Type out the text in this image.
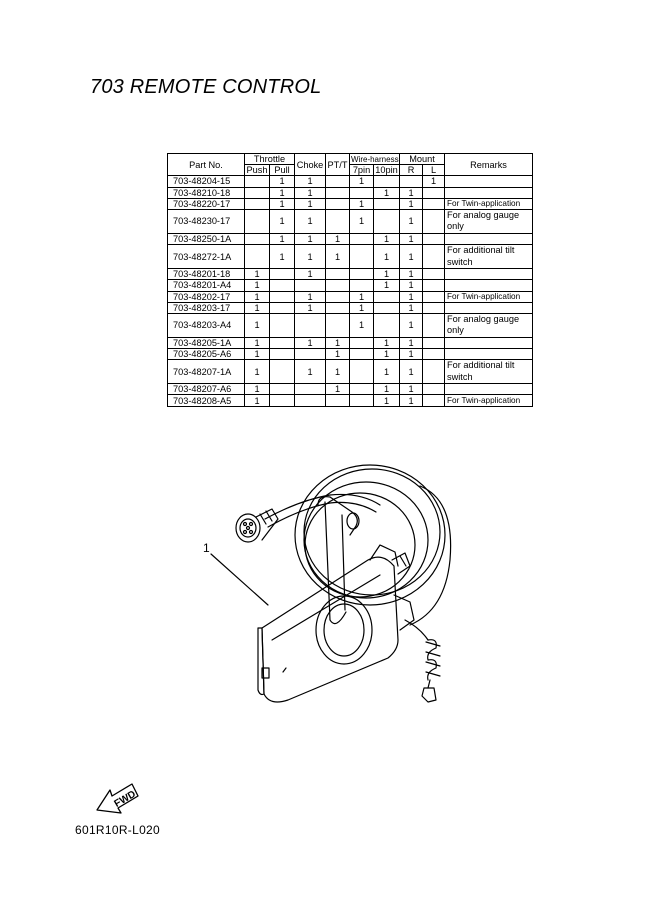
703 REMOTE CONTROL
Part No.	Throttle		Choke	PT/T	Wire-harness		Mount		Remarks
	Push	Pull			7pin	10pin	R	L	
703-48204-15		1	1		1			1	
703-48210-18		1	1			1	1		
703-48220-17		1	1		1		1		For Twin-application
703-48230-17		1	1		1		1		For analog gauge only
703-48250-1A		1	1	1		1	1		
703-48272-1A		1	1	1		1	1		For additional tilt switch
703-48201-18	1		1			1	1		
703-48201-A4	1					1	1		
703-48202-17	1		1		1		1		For Twin-application
703-48203-17	1		1		1		1		
703-48203-A4	1				1		1		For analog gauge only
703-48205-1A	1		1	1		1	1		
703-48205-A6	1			1		1	1		
703-48207-1A	1		1	1		1	1		For additional tilt switch
703-48207-A6	1			1		1	1		
703-48208-A5	1					1	1		For Twin-application
FWD
1
601R10R-L020
